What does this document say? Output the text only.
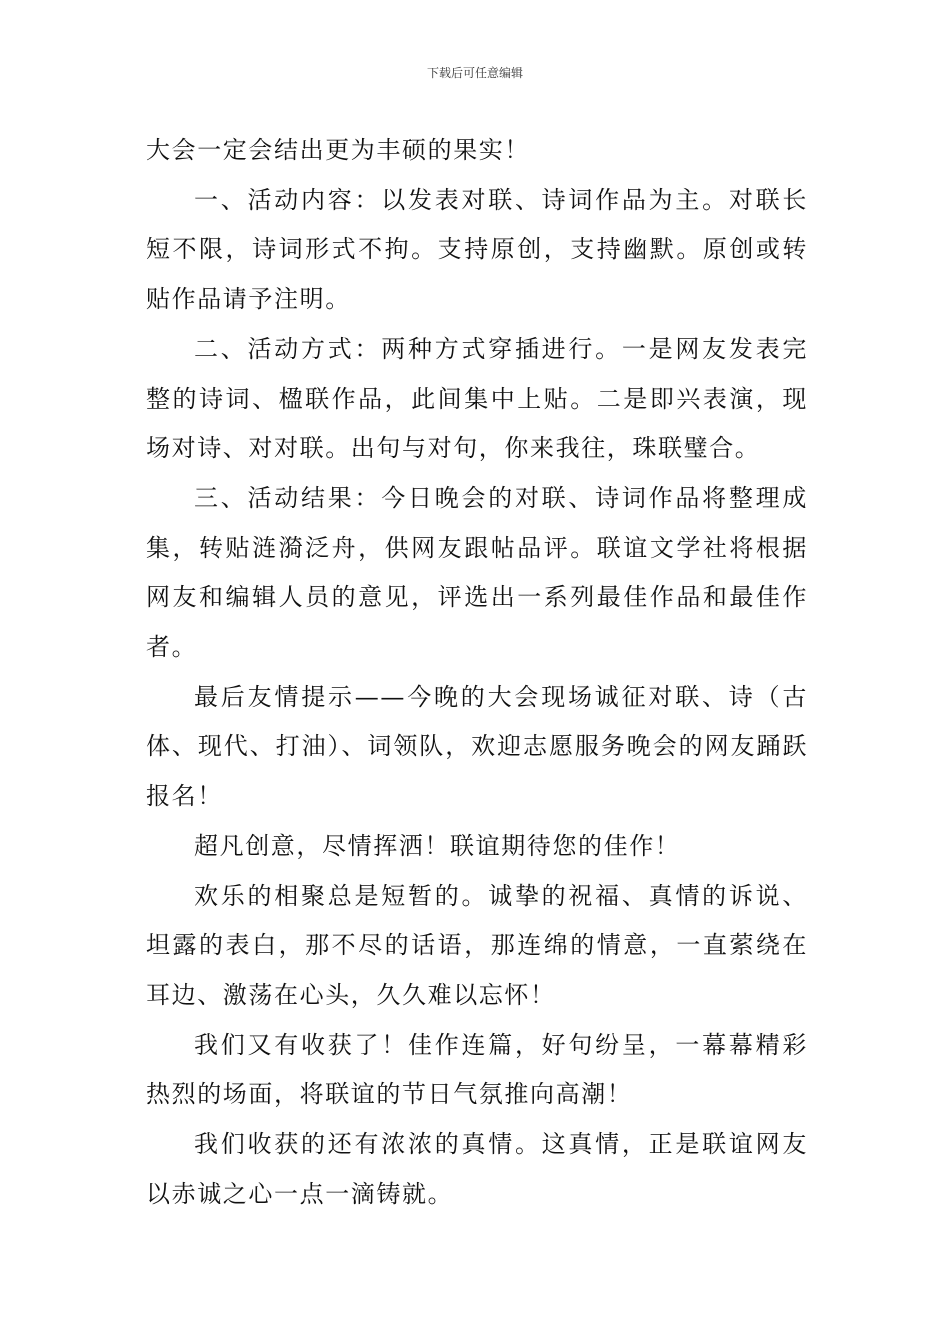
下载后可任意编辑

大会一定会结出更为丰硕的果实！

一、活动内容：以发表对联、诗词作品为主。对联长短不限，诗词形式不拘。支持原创，支持幽默。原创或转贴作品请予注明。

二、活动方式：两种方式穿插进行。一是网友发表完整的诗词、楹联作品，此间集中上贴。二是即兴表演，现场对诗、对对联。出句与对句，你来我往，珠联璧合。

三、活动结果：今日晚会的对联、诗词作品将整理成集，转贴涟漪泛舟，供网友跟帖品评。联谊文学社将根据网友和编辑人员的意见，评选出一系列最佳作品和最佳作者。

最后友情提示——今晚的大会现场诚征对联、诗（古体、现代、打油）、词领队，欢迎志愿服务晚会的网友踊跃报名！

超凡创意，尽情挥洒！联谊期待您的佳作！

欢乐的相聚总是短暂的。诚挚的祝福、真情的诉说、坦露的表白，那不尽的话语，那连绵的情意，一直萦绕在耳边、激荡在心头，久久难以忘怀！

我们又有收获了！佳作连篇，好句纷呈，一幕幕精彩热烈的场面，将联谊的节日气氛推向高潮！

我们收获的还有浓浓的真情。这真情，正是联谊网友以赤诚之心一点一滴铸就。
